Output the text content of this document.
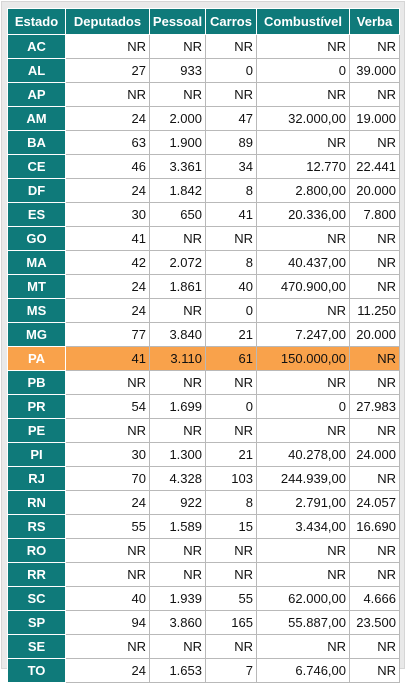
Estado	Deputados	Pessoal	Carros	Combustível	Verba
AC	NR	NR	NR	NR	NR
AL	27	933	0	0	39.000
AP	NR	NR	NR	NR	NR
AM	24	2.000	47	32.000,00	19.000
BA	63	1.900	89	NR	NR
CE	46	3.361	34	12.770	22.441
DF	24	1.842	8	2.800,00	20.000
ES	30	650	41	20.336,00	7.800
GO	41	NR	NR	NR	NR
MA	42	2.072	8	40.437,00	NR
MT	24	1.861	40	470.900,00	NR
MS	24	NR	0	NR	11.250
MG	77	3.840	21	7.247,00	20.000
PA	41	3.110	61	150.000,00	NR
PB	NR	NR	NR	NR	NR
PR	54	1.699	0	0	27.983
PE	NR	NR	NR	NR	NR
PI	30	1.300	21	40.278,00	24.000
RJ	70	4.328	103	244.939,00	NR
RN	24	922	8	2.791,00	24.057
RS	55	1.589	15	3.434,00	16.690
RO	NR	NR	NR	NR	NR
RR	NR	NR	NR	NR	NR
SC	40	1.939	55	62.000,00	4.666
SP	94	3.860	165	55.887,00	23.500
SE	NR	NR	NR	NR	NR
TO	24	1.653	7	6.746,00	NR
